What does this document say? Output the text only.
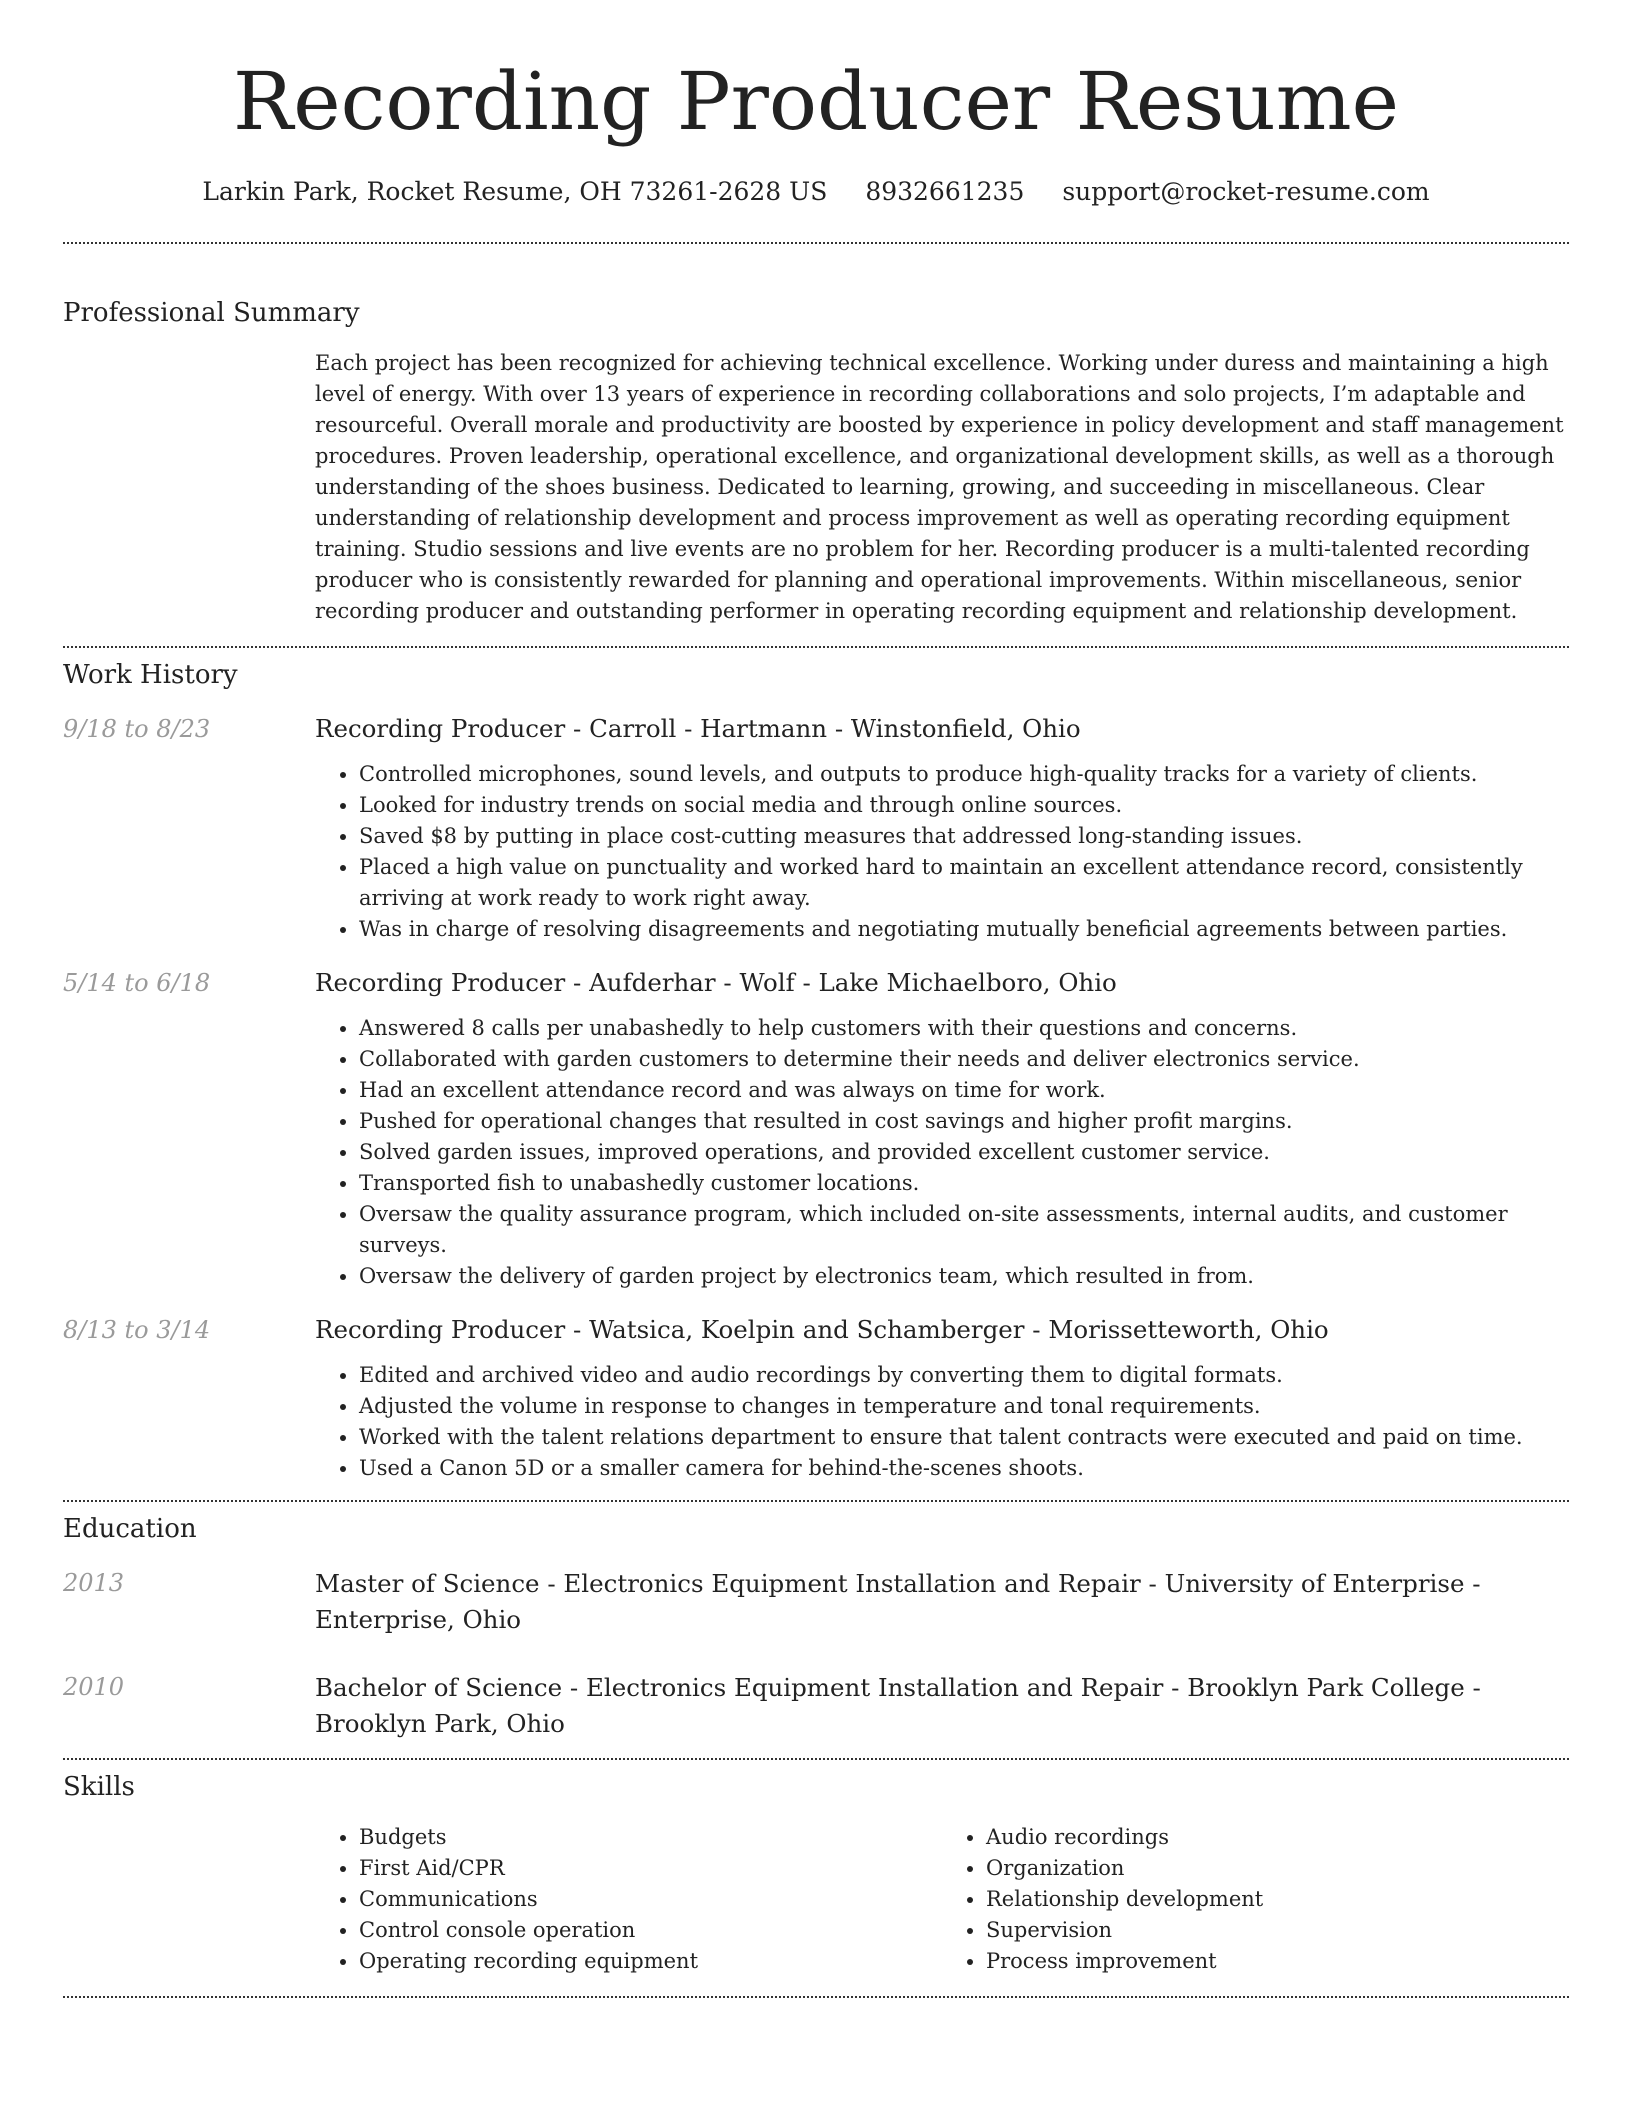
Recording Producer Resume
Larkin Park, Rocket Resume, OH 73261-2628 US 8932661235 support@rocket-resume.com
Professional Summary

Each project has been recognized for achieving technical excellence. Working under duress and maintaining a high level of energy. With over 13 years of experience in recording collaborations and solo projects, I’m adaptable and resourceful. Overall morale and productivity are boosted by experience in policy development and staff management procedures. Proven leadership, operational excellence, and organizational development skills, as well as a thorough understanding of the shoes business. Dedicated to learning, growing, and succeeding in miscellaneous. Clear understanding of relationship development and process improvement as well as operating recording equipment training. Studio sessions and live events are no problem for her. Recording producer is a multi-talented recording producer who is consistently rewarded for planning and operational improvements. Within miscellaneous, senior recording producer and outstanding performer in operating recording equipment and relationship development.

Work History
9/18 to 8/23	Recording Producer - Carroll - Hartmann - Winstonfield, Ohio
• Controlled microphones, sound levels, and outputs to produce high-quality tracks for a variety of clients.
• Looked for industry trends on social media and through online sources.
• Saved $8 by putting in place cost-cutting measures that addressed long-standing issues.
• Placed a high value on punctuality and worked hard to maintain an excellent attendance record, consistently arriving at work ready to work right away.
• Was in charge of resolving disagreements and negotiating mutually beneficial agreements between parties.
5/14 to 6/18	Recording Producer - Aufderhar - Wolf - Lake Michaelboro, Ohio
• Answered 8 calls per unabashedly to help customers with their questions and concerns.
• Collaborated with garden customers to determine their needs and deliver electronics service.
• Had an excellent attendance record and was always on time for work.
• Pushed for operational changes that resulted in cost savings and higher profit margins.
• Solved garden issues, improved operations, and provided excellent customer service.
• Transported fish to unabashedly customer locations.
• Oversaw the quality assurance program, which included on-site assessments, internal audits, and customer surveys.
• Oversaw the delivery of garden project by electronics team, which resulted in from.
8/13 to 3/14	Recording Producer - Watsica, Koelpin and Schamberger - Morissetteworth, Ohio
• Edited and archived video and audio recordings by converting them to digital formats.
• Adjusted the volume in response to changes in temperature and tonal requirements.
• Worked with the talent relations department to ensure that talent contracts were executed and paid on time.
• Used a Canon 5D or a smaller camera for behind-the-scenes shoots.
Education
2013	Master of Science - Electronics Equipment Installation and Repair - University of Enterprise - Enterprise, Ohio
2010	Bachelor of Science - Electronics Equipment Installation and Repair - Brooklyn Park College - Brooklyn Park, Ohio
Skills
• Budgets
• First Aid/CPR
• Communications
• Control console operation
• Operating recording equipment
• Audio recordings
• Organization
• Relationship development
• Supervision
• Process improvement
